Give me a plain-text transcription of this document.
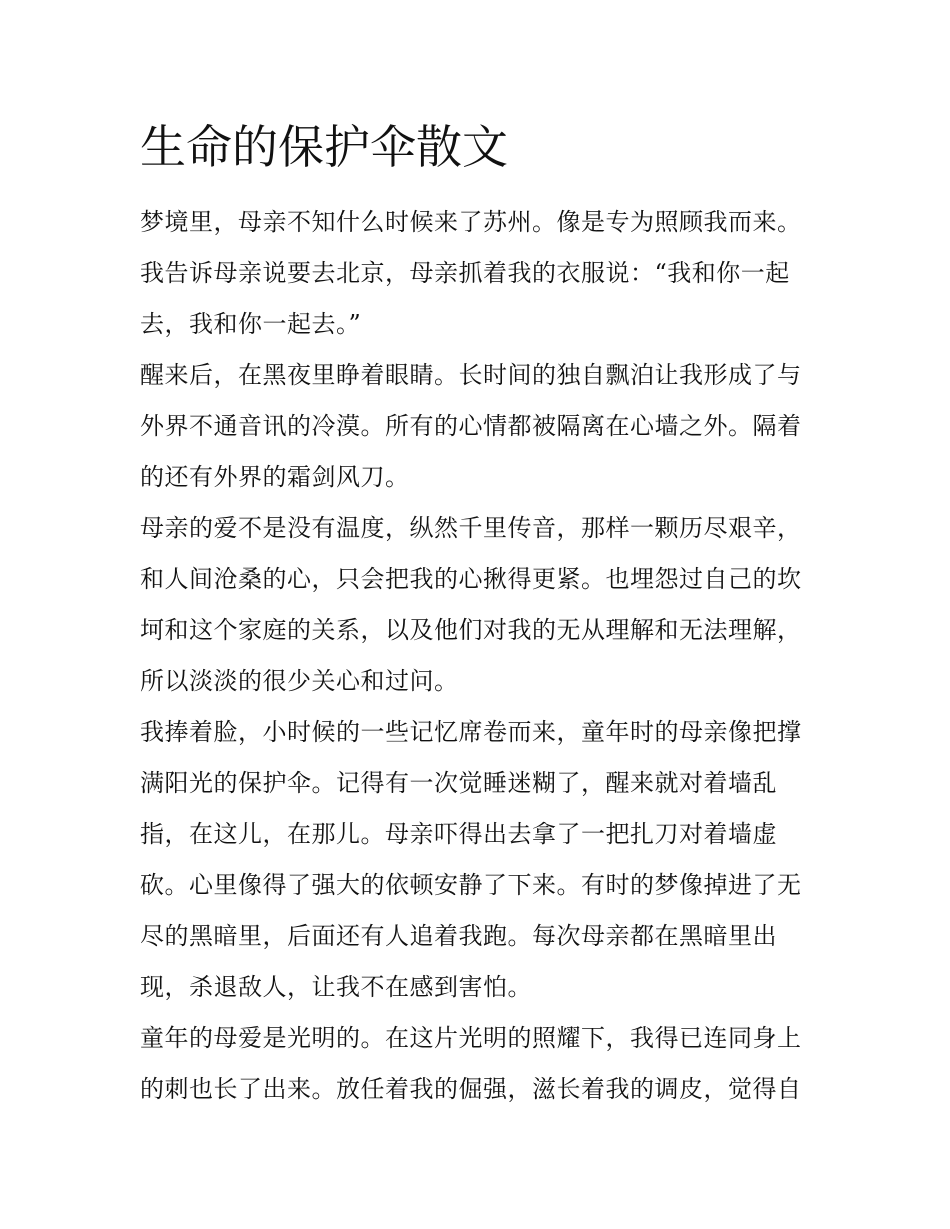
生命的保护伞散文

梦境里，母亲不知什么时候来了苏州。像是专为照顾我而来。

我告诉母亲说要去北京，母亲抓着我的衣服说：“我和你一起

去，我和你一起去。”

醒来后，在黑夜里睁着眼睛。长时间的独自飘泊让我形成了与

外界不通音讯的冷漠。所有的心情都被隔离在心墙之外。隔着

的还有外界的霜剑风刀。

母亲的爱不是没有温度，纵然千里传音，那样一颗历尽艰辛，

和人间沧桑的心，只会把我的心揪得更紧。也埋怨过自己的坎

坷和这个家庭的关系，以及他们对我的无从理解和无法理解，

所以淡淡的很少关心和过问。

我捧着脸，小时候的一些记忆席卷而来，童年时的母亲像把撑

满阳光的保护伞。记得有一次觉睡迷糊了，醒来就对着墙乱

指，在这儿，在那儿。母亲吓得出去拿了一把扎刀对着墙虚

砍。心里像得了强大的依顿安静了下来。有时的梦像掉进了无

尽的黑暗里，后面还有人追着我跑。每次母亲都在黑暗里出

现，杀退敌人，让我不在感到害怕。

童年的母爱是光明的。在这片光明的照耀下，我得已连同身上

的刺也长了出来。放任着我的倔强，滋长着我的调皮，觉得自
